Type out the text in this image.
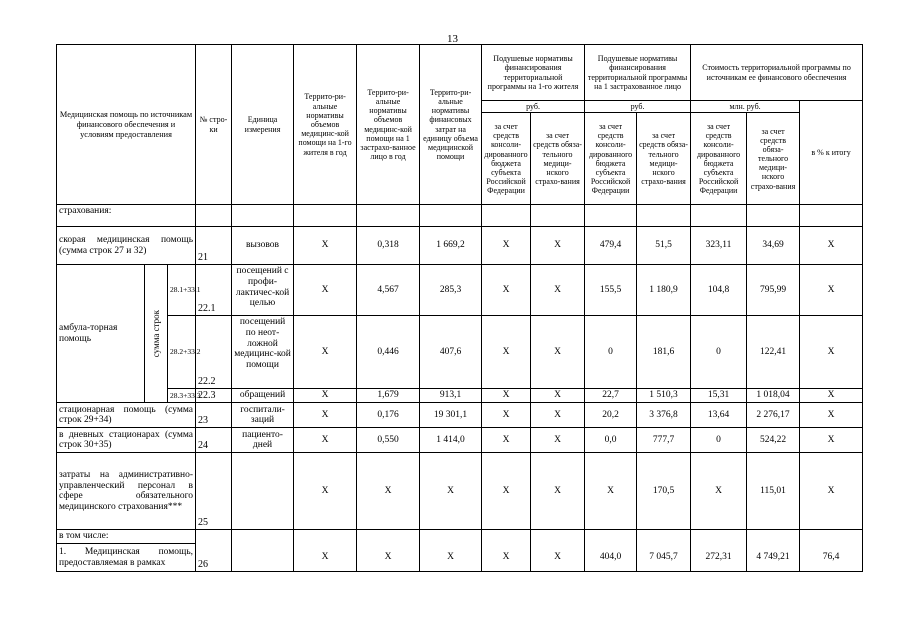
13
Медицинская помощь по источникам финансового обеспечения и условиям предоставления			№ стро-ки	Единица измерения	Террито-ри-альные нормативы объемов медицинс-кой помощи на 1-го жителя в год	Террито-ри-альные нормативы объемов медицинс-кой помощи на 1 застрахо-ванное лицо в год	Террито-ри-альные нормативы финансовых затрат на единицу объема медицинской помощи	Подушевые нормативы финансирования территориальной программы на 1-го жителя		Подушевые нормативы финансирования территориальной программы на 1 застрахованное лицо		Стоимость территориальной программы по источникам ее финансового обеспечения		
								руб.		руб.		млн. руб.		в % к итогу
								за счет средств консоли-дированного бюджета субъекта Российской Федерации	за счет средств обяза-тельного медици-нского страхо-вания	за счет средств консоли-дированного бюджета субъекта Российской Федерации	за счет средств обяза-тельного медици-нского страхо-вания	за счет средств консоли-дированного бюджета субъекта Российской Федерации	за счет средств обяза-тельного медици-нского страхо-вания	
страхования:														
скорая медицинская помощь (сумма строк 27 и 32)			21	вызовов	X	0,318	1 669,2	X	X	479,4	51,5	323,11	34,69	X
амбула-торная помощь	сумма строк	28.1+33.1	22.1	посещений с профи-лактичес-кой целью	X	4,567	285,3	X	X	155,5	1 180,9	104,8	795,99	X
		28.2+33.2	22.2	посещений по неот-ложной медицинс-кой помощи	X	0,446	407,6	X	X	0	181,6	0	122,41	X
		28.3+33.3	22.3	обращений	X	1,679	913,1	X	X	22,7	1 510,3	15,31	1 018,04	X
стационарная помощь (сумма строк 29+34)			23	госпитали-заций	X	0,176	19 301,1	X	X	20,2	3 376,8	13,64	2 276,17	X
в дневных стационарах (сумма строк 30+35)			24	пациенто-дней	X	0,550	1 414,0	X	X	0,0	777,7	0	524,22	X
затраты на административно-управленческий персонал в сфере обязательного медицинского страхования***			25		X	X	X	X	X	X	170,5	X	115,01	X
в том числе:														
1. Медицинская помощь, предоставляемая в рамках			26		X	X	X	X	X	404,0	7 045,7	272,31	4 749,21	76,4
